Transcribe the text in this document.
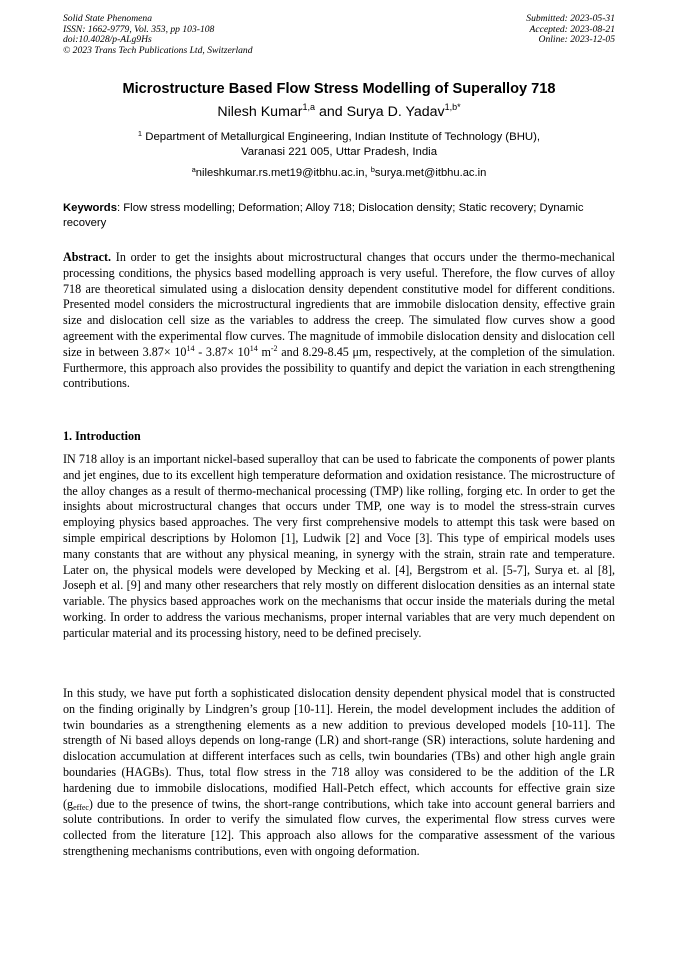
Solid State Phenomena
ISSN: 1662-9779, Vol. 353, pp 103-108
doi:10.4028/p-ALg9Hs
© 2023 Trans Tech Publications Ltd, Switzerland
Submitted: 2023-05-31
Accepted: 2023-08-21
Online: 2023-12-05
Microstructure Based Flow Stress Modelling of Superalloy 718
Nilesh Kumar$^{1,a}$ and Surya D. Yadav$^{1,b*}$
$^1$ Department of Metallurgical Engineering, Indian Institute of Technology (BHU),
Varanasi 221 005, Uttar Pradesh, India
$^a$nileshkumar.rs.met19@itbhu.ac.in, $^b$surya.met@itbhu.ac.in
Keywords: Flow stress modelling; Deformation; Alloy 718; Dislocation density; Static recovery; Dynamic recovery
Abstract. In order to get the insights about microstructural changes that occurs under the thermo-mechanical processing conditions, the physics based modelling approach is very useful. Therefore, the flow curves of alloy 718 are theoretical simulated using a dislocation density dependent constitutive model for different conditions. Presented model considers the microstructural ingredients that are immobile dislocation density, effective grain size and dislocation cell size as the variables to address the creep. The simulated flow curves show a good agreement with the experimental flow curves. The magnitude of immobile dislocation density and dislocation cell size in between $3.87\times 10^{14} - 3.87\times 10^{14}$ $m^{-2}$ and 8.29-8.45 μm, respectively, at the completion of the simulation. Furthermore, this approach also provides the possibility to quantify and depict the variation in each strengthening contributions.
1. Introduction
IN 718 alloy is an important nickel-based superalloy that can be used to fabricate the components of power plants and jet engines, due to its excellent high temperature deformation and oxidation resistance. The microstructure of the alloy changes as a result of thermo-mechanical processing (TMP) like rolling, forging etc. In order to get the insights about microstructural changes that occurs under TMP, one way is to model the stress-strain curves employing physics based approaches. The very first comprehensive models to attempt this task were based on simple empirical descriptions by Holomon [1], Ludwik [2] and Voce [3]. This type of empirical models uses many constants that are without any physical meaning, in synergy with the strain, strain rate and temperature. Later on, the physical models were developed by Mecking et al. [4], Bergstrom et al. [5-7], Surya et. al [8], Joseph et al. [9] and many other researchers that rely mostly on different dislocation densities as an internal state variable. The physics based approaches work on the mechanisms that occur inside the materials during the metal working. In order to address the various mechanisms, proper internal variables that are very much dependent on particular material and its processing history, need to be defined precisely.
In this study, we have put forth a sophisticated dislocation density dependent physical model that is constructed on the finding originally by Lindgren’s group [10-11]. Herein, the model development includes the addition of twin boundaries as a strengthening elements as a new addition to previous developed models [10-11]. The strength of Ni based alloys depends on long-range (LR) and short-range (SR) interactions, solute hardening and dislocation accumulation at different interfaces such as cells, twin boundaries (TBs) and other high angle grain boundaries (HAGBs). Thus, total flow stress in the 718 alloy was considered to be the addition of the LR hardening due to immobile dislocations, modified Hall-Petch effect, which accounts for effective grain size $(g_{effec})$ due to the presence of twins, the short-range contributions, which take into account general barriers and solute contributions. In order to verify the simulated flow curves, the experimental flow stress curves were collected from the literature [12]. This approach also allows for the comparative assessment of the various strengthening mechanisms contributions, even with ongoing deformation.
